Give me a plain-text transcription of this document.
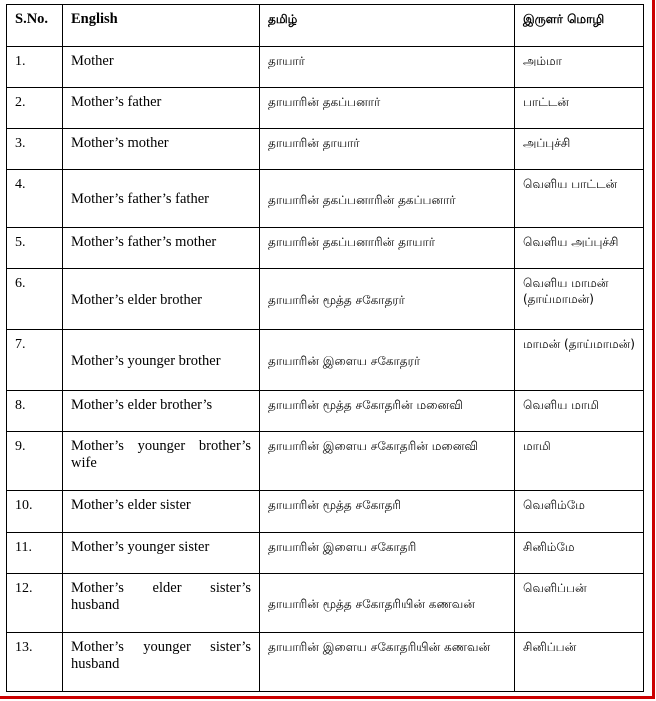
S.No.	English	தமிழ்	இருளர் மொழி
1.	Mother	தாயார்	அம்மா
2.	Mother’s father	தாயாரின் தகப்பனார்	பாட்டன்
3.	Mother’s mother	தாயாரின் தாயார்	அப்புச்சி
4.	Mother’s father’s father	தாயாரின் தகப்பனாரின் தகப்பனார்	வெளிய பாட்டன்
5.	Mother’s father’s mother	தாயாரின் தகப்பனாரின் தாயார்	வெளிய அப்புச்சி
6.	Mother’s elder brother	தாயாரின் மூத்த சகோதரர்	வெளிய மாமன் (தாய்மாமன்)
7.	Mother’s younger brother	தாயாரின் இளைய சகோதரர்	மாமன் (தாய்மாமன்)
8.	Mother’s elder brother’s	தாயாரின் மூத்த சகோதரின் மனைவி	வெளிய மாமி
9.	Mother’s younger brother’s wife	தாயாரின் இளைய சகோதரின் மனைவி	மாமி
10.	Mother’s elder sister	தாயாரின் மூத்த சகோதரி	வெளிம்மே
11.	Mother’s younger sister	தாயாரின் இளைய சகோதரி	சினிம்மே
12.	Mother’s elder sister’s husband	தாயாரின் மூத்த சகோதரியின் கணவன்	வெளிப்பன்
13.	Mother’s younger sister’s husband	தாயாரின் இளைய சகோதரியின் கணவன்	சினிப்பன்
